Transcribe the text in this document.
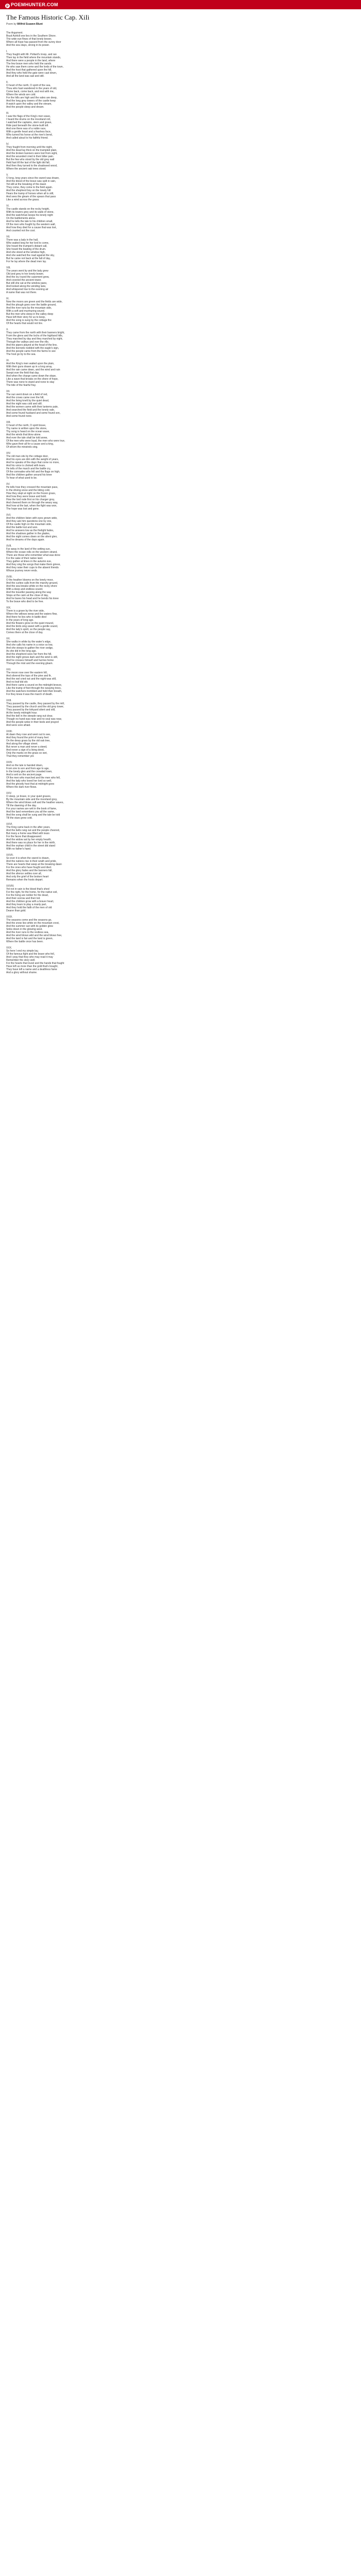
p POEMHUNTER.COM
The Famous Historic Cap. XiIi
Poem by Wilfrid Scawen Blunt
The Argument.
Boyd Ashkill one lies in the Southern Shore.
The wide eye flows of that lonely bower,
Where all hope has passed from the sunny door
And the sea stays, strong in its power.
I.
They fought with Mr. Pollard's troop, and ran
Then lay in the field where the mountain stands,
And there were a people in the land, where
The few brave men who held the sands.
He who saw them come and the lords of the town,
And the host that gathered upon the hill,
And they who held the gate were cast down,
And all the land was sad and still.
II.
O heart of the north, O spirit of the sea,
Thou who hast wandered in the years of old,
Come back, come back, and rest with me,
Where the winds are cold.
For the hills are high and the vales are deep,
And the long grey towers of the castle keep
A watch upon the valley and the stream,
And the people sleep and dream.
III.
I saw the flags of the King's men wave,
I heard the drums on the moorland roll,
I watched the captains, stern and grave,
Ride past beneath the stone-built toll.
And one there was of a noble race,
With a gentle heart and a fearless face,
Who turned his horse at the river's bend,
And called aloud to his faithful friend.
IV.
They fought from morning until the night,
And the dead lay thick on the trampled plain,
And the broken banners were lost from sight,
And the wounded cried in their bitter pain.
But the few who stood by the old grey wall
Held fast till the last of the light did fall,
And then they turned to the shadowed wood,
Where the ancient oak trees stood.
V.
O long, long years since the sword was drawn,
And the blood of the brave was spilt in vain,
Yet still at the breaking of the dawn
They come, they come to the field again.
And the shepherd boy on the lonely hill
Hears the tramp of horses when all is still,
And sees the gleam of the spears that pass
Like a wind across the grass.
VI.
The castle stands on the rocky height,
With its towers grey and its walls of stone,
And the watchman keeps his lonely night
On the battlements alone.
And he tells the tale to his children small,
Of the men who fought by the western wall,
And how they died for a cause that was lost,
And counted not the cost.
VII.
There was a lady in the hall,
Who waited long for her lord to come,
She heard the trumpet's distant call,
She heard the beating of the drum.
And she stood at the window high,
And she watched the road against the sky,
But he came not back at the fall of day,
For he lay where the dead men lay.
VIII.
The years went by and the lady grew
Old and grey in her lonely bower,
And the ivy round the casement grew,
And covered the ancient tower.
But still she sat at the window pane,
And looked along the winding lane,
And whispered low to the evening air
A name that was not there.
IX.
Now the moors are green and the fields are wide,
And the plough goes over the battle ground,
And the river runs by the mountain side,
With a soft and murmuring sound.
But the men who sleep in the valley deep
Have left their story for us to keep,
And the song is sung by the cottage fire
Of the hearts that would not tire.
X.
They came from the north with their banners bright,
From the glens and the lochs of the highland hills,
They marched by day and they marched by night,
Through the valleys and over the rills.
And the pipers played at the head of the line,
And the bonnets nodded with the eagle's sign,
And the people came from the farms to see
The host go by to the sea.
XI.
And the King's men waited upon the plain,
With their guns drawn up in a long array,
And the rain came down, and the wind and rain
Swept over the field that day.
And when the charge came down the slope,
Like a wave that breaks on the shore of hope,
There was none to stand and none to stay
The tide of the fearful fray.
XII.
The sun went down on a field of red,
And the crows came over the hill,
And the living knelt by the quiet dead,
And the night was cold and still.
And the women came with their lanterns pale,
And searched the field and the lonely vale,
And some found husband and some found son,
And some found none.
XIII.
O heart of the north, O spirit brave,
Thy name is written upon the stone,
Thy song is heard on the ocean wave,
And the winds that blow alone.
And ever the tale shall be told anew,
Of the men who were loyal, the men who were true,
Who gave their all for a cause and a king,
Of whom the minstrels sing.
XIV.
The old man sits by the cottage door,
And his eyes are dim with the weight of years,
And he speaks of the days that come no more,
And his voice is choked with tears.
He tells of the march and the battle cry,
Of the comrades who fell and the flags on high,
And the children gather around his knee
To hear of what used to be.
XV.
He tells how they crossed the mountain pass,
In the driving snow and the biting cold,
How they slept at night on the frozen grass,
And how they were brave and bold.
How the lord rode first on his charger grey,
And cheered them on through the weary way,
And how at the last, when the fight was won,
The hope was lost and gone.
XVI.
And the children listen with eyes grown wide,
And they ask him questions one by one,
Of the castle high on the mountain side,
And the battle lost and won.
And he answers low as the firelight fades,
And the shadows gather in the glades,
And the night comes down on the silent glen,
And he dreams of the days again.
XVII.
Far away in the land of the setting sun,
Where the ocean rolls on the western strand,
There are those who remember what was done
For the sake of their native land.
They gather at times in the autumn eve,
And they sing the songs that make them grieve,
And they raise their cups to the absent friends
Whose journey never ends.
XVIII.
O the heather blooms on the lonely moor,
And the curlew calls from the marshy ground,
And the sea breaks white on the rocky shore
With a deep and endless sound.
And the traveller passing along the way
Stops at the cairn at the close of day,
And he bares his head and he bends his knee
To the brave who died to be free.
XIX.
There is a grave by the river side,
Where the willows weep and the waters flow,
And there he lies who in battle died
In the years of long ago.
And the flowers grow on the quiet mound,
And the birds sing sweet with a gentle sound,
And the lady's spirit, so the people say,
Comes there at the close of day.
XX.
She walks in white by the water's edge,
And she calls his name in a voice so low,
And she stoops to gather the river sedge,
As she did in the long ago.
And the shepherd sees her from the hill,
And the night grows dark and the wind is still,
And he crosses himself and hurries home
Through the mist and the evening gloam.
XXI.
The moon rose over the eastern hill,
And silvered the tops of the pine and fir,
And the owl cried out and the night was still,
And no leaf did stir.
And there came a sound on the midnight breeze,
Like the tramp of feet through the swaying trees,
And the watchers trembled and held their breath,
For they knew it was the march of death.
XXII.
They passed by the castle, they passed by the mill,
They passed by the church and the old grey tower,
They passed by the kirkyard silent and still,
At the lonely midnight hour.
And the bell in the steeple rang out clear,
Though no hand was near and no soul was near,
And the people woke in their beds and prayed
And were sore afraid.
XXIII.
At dawn they rose and went out to see,
And they found the print of many feet
On the dewy grass by the old oak tree,
And along the village street.
But never a man and never a steed,
And never a sign of a living deed,
Only the marks on the grass so wet,
That they remember yet.
XXIV.
And so the tale is handed down,
From sire to son and from age to age,
In the lonely glen and the crowded town,
And is writ on the ancient page.
Of the men who marched and the men who fell,
And the lady who loved her lord so well,
And the ghostly host that at midnight goes
Where the dark river flows.
XXV.
O sleep, ye brave, in your quiet graves,
By the mountain side and the moorland grey,
Where the wind blows soft and the heather waves,
Till the dawning of the day.
For your names are writ in the book of fame,
And the land remembers you all the same,
And the song shall be sung and the tale be told
Till the stars grow cold.
XXVI.
The King came back in the after years,
And the bells rang out and the people cheered,
But many a home was filled with tears
For the faces that disappeared.
And the widow sat by her empty hearth,
And there was no place for her in the mirth,
And the orphan child in the street did stand
With no father's hand.
XXVII.
So ever it is when the sword is drawn,
And the nations rise in their wrath and pride,
There are hearts that weep at the breaking dawn
For the ones who have fought and died.
And the glory fades and the banners fall,
And the silence settles over all,
And only the grief of the broken heart
Remains when the hosts depart.
XXVIII.
Yet not in vain is the blood that's shed
For the right, for the home, for the native soil,
For the living are nobler for the dead,
And their sorrow and their toil.
And the children grow with a braver heart,
And they learn to play a manly part,
And they hold the faith of the men of old
Dearer than gold.
XXIX.
The seasons come and the seasons go,
And the snow lies white on the mountain crest,
And the summer sun with its golden glow
Sinks down in the glowing west.
And the river runs to the restless sea,
And the wind blows wild and the wind blows free,
And the land is fair and the land is green,
Where the battle once has been.
XXX.
So here I end my simple lay,
Of the famous fight and the brave who fell,
And I pray that they who may read it may
Remember the story well.
For the hearts that loved and the hands that fought
Have left us more than the gold that's bought,
They have left a name and a deathless fame
And a glory without shame.
